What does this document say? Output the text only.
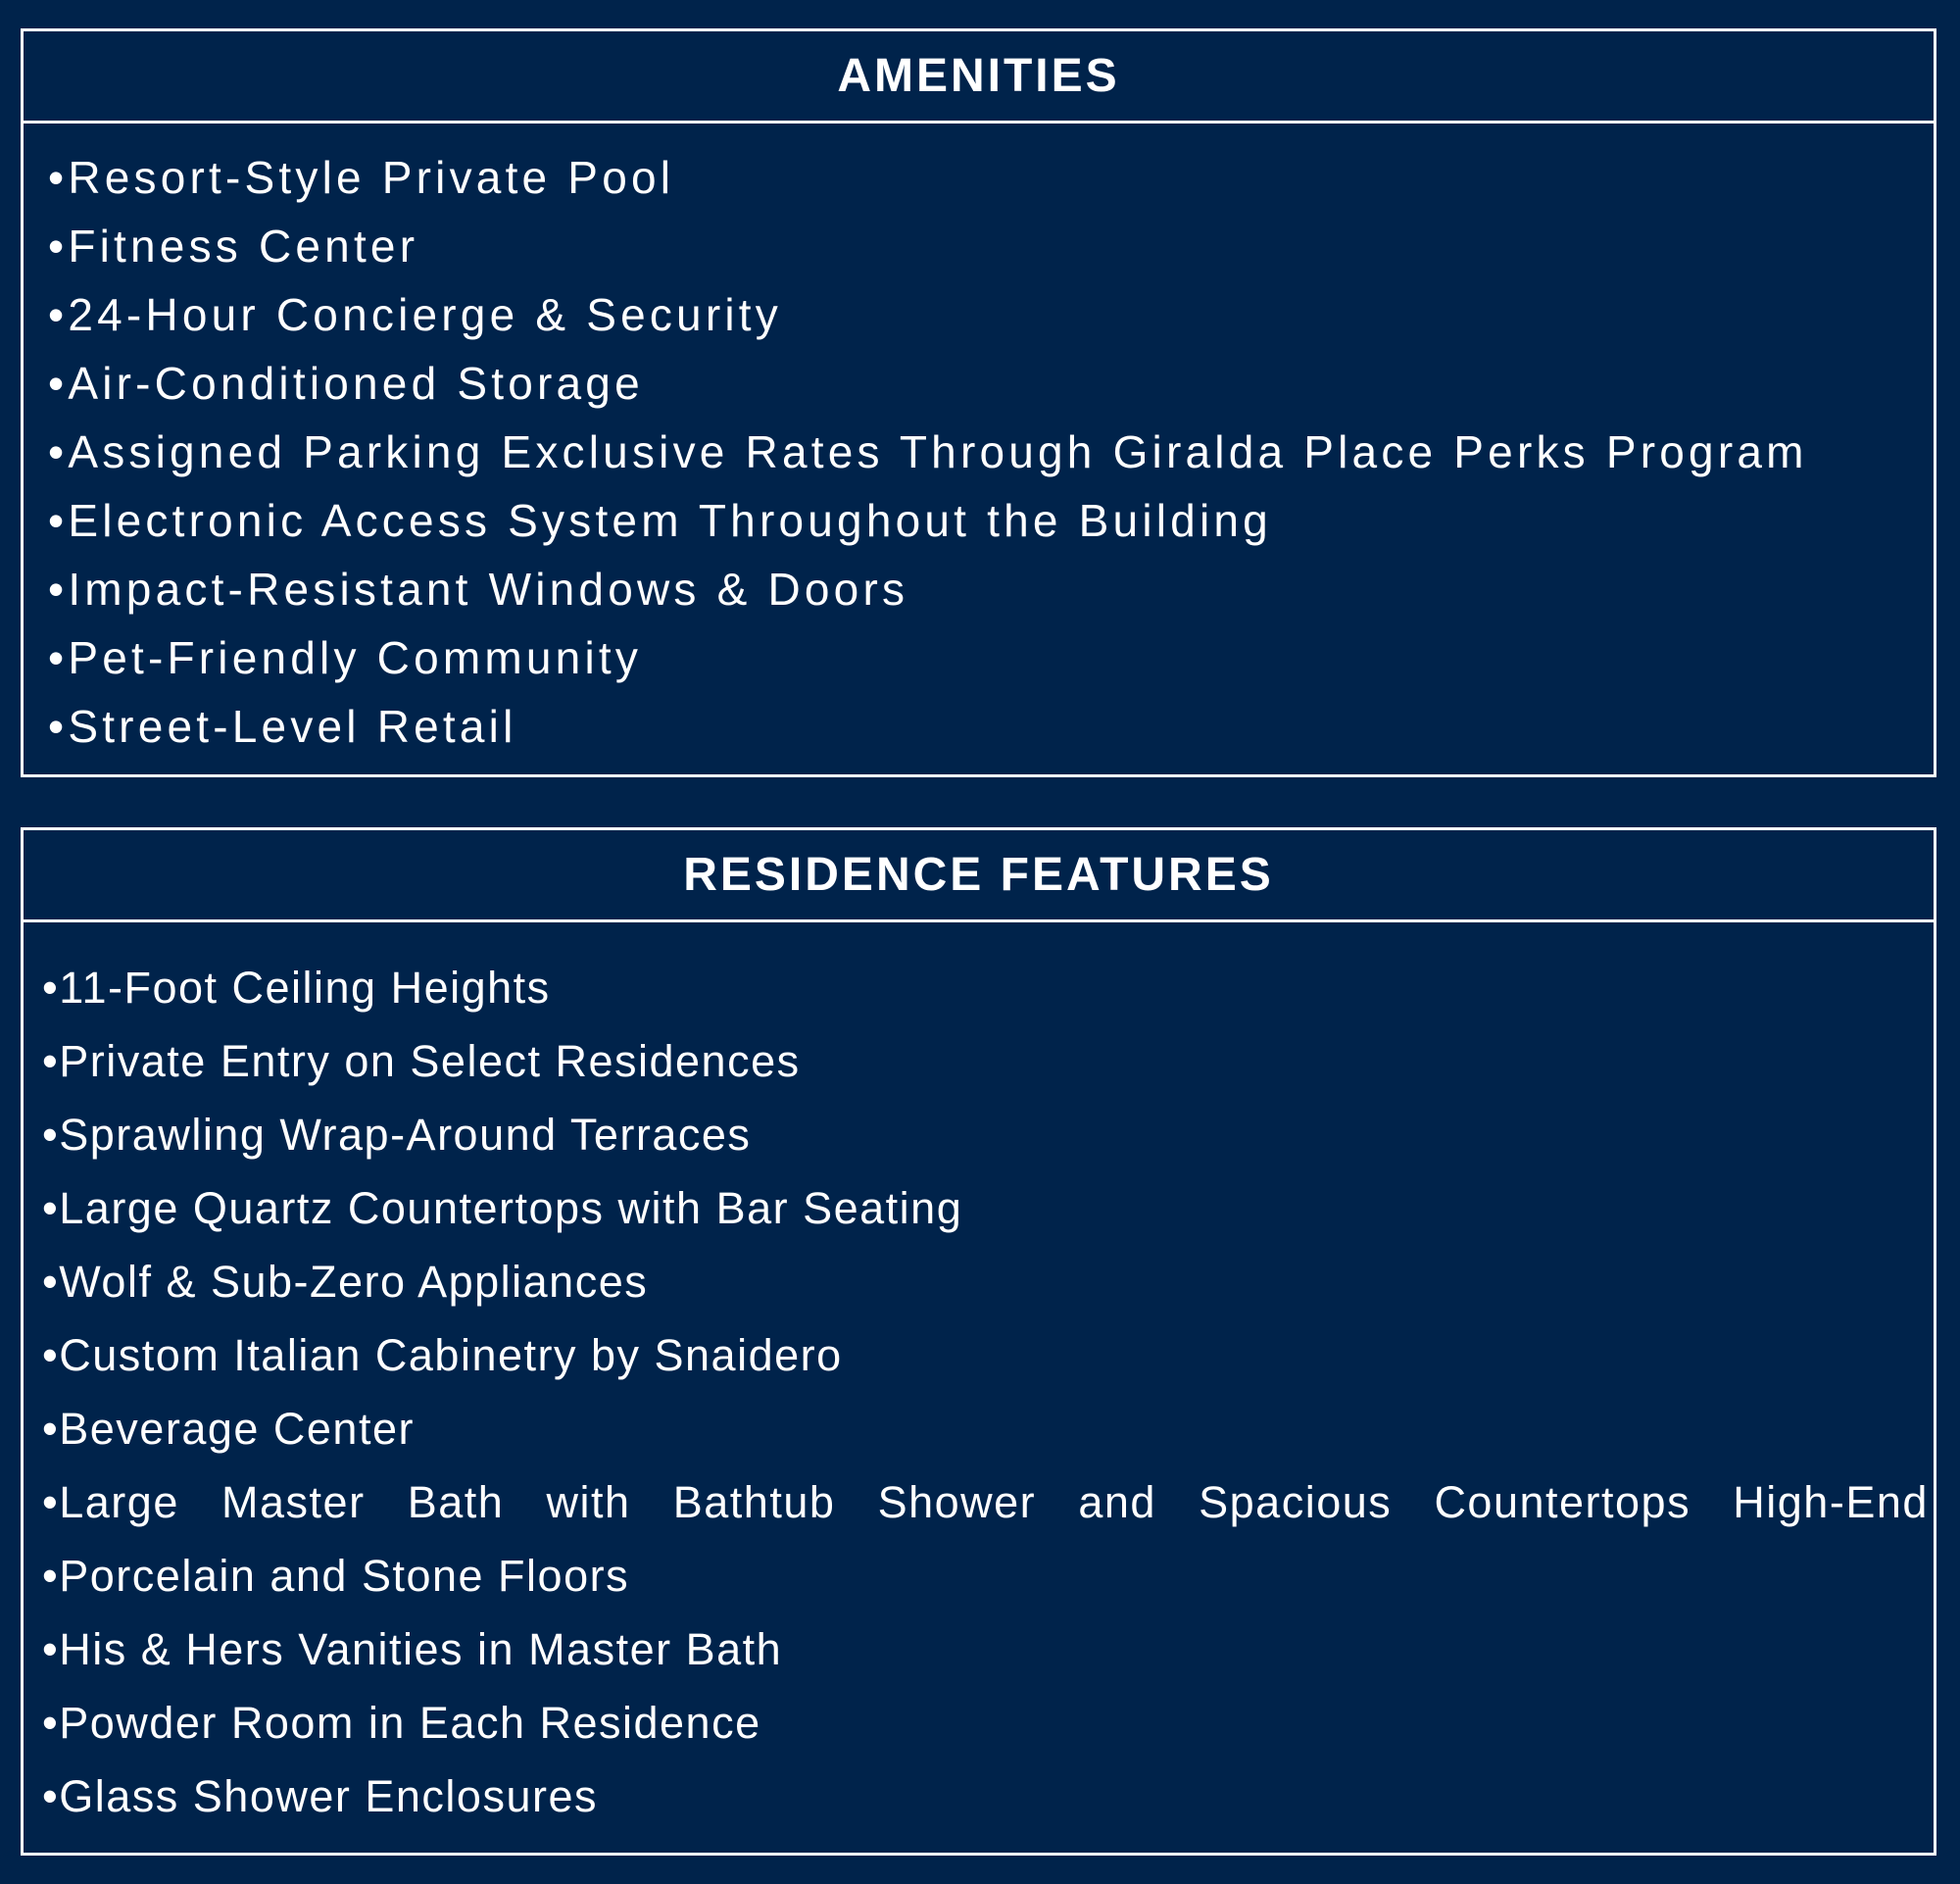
AMENITIES
•Resort-Style Private Pool
•Fitness Center
•24-Hour Concierge & Security
•Air-Conditioned Storage
•Assigned Parking Exclusive Rates Through Giralda Place Perks Program
•Electronic Access System Throughout the Building
•Impact-Resistant Windows & Doors
•Pet-Friendly Community
•Street-Level Retail
RESIDENCE FEATURES
•11-Foot Ceiling Heights
•Private Entry on Select Residences
•Sprawling Wrap-Around Terraces
•Large Quartz Countertops with Bar Seating
•Wolf & Sub-Zero Appliances
•Custom Italian Cabinetry by Snaidero
•Beverage Center
•Large Master Bath with Bathtub Shower and Spacious Countertops High-End
•Porcelain and Stone Floors
•His & Hers Vanities in Master Bath
•Powder Room in Each Residence
•Glass Shower Enclosures
